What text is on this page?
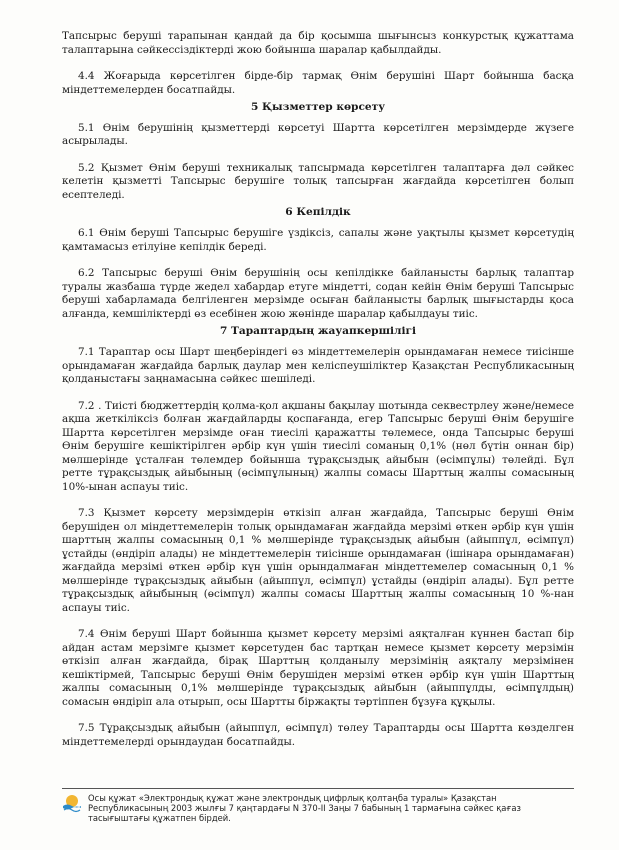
Тапсырыс беруші тарапынан қандай да бір қосымша шығынсыз конкурстық құжаттама талаптарына сәйкессіздіктерді жою бойынша шаралар қабылдайды.

4.4 Жоғарыда көрсетілген бірде-бір тармақ Өнім берушіні Шарт бойынша басқа міндеттемелерден босатпайды.

5 Қызметтер көрсету

5.1 Өнім берушінің қызметтерді көрсетуі Шартта көрсетілген мерзімдерде жүзеге асырылады.

5.2 Қызмет Өнім беруші техникалық тапсырмада көрсетілген талаптарға дәл сәйкес келетін қызметті Тапсырыс берушіге толық тапсырған жағдайда көрсетілген болып есептеледі.

6 Кепілдік

6.1 Өнім беруші Тапсырыс берушіге үздіксіз, сапалы және уақтылы қызмет көрсетудің қамтамасыз етілуіне кепілдік береді.

6.2 Тапсырыс беруші Өнім берушінің осы кепілдікке байланысты барлық талаптар туралы жазбаша түрде жедел хабардар етуге міндетті, содан кейін Өнім беруші Тапсырыс беруші хабарламада белгіленген мерзімде осыған байланысты барлық шығыстарды қоса алғанда, кемшіліктерді өз есебінен жою жөнінде шаралар қабылдауы тиіс.

7 Тараптардың жауапкершілігі

7.1 Тараптар осы Шарт шеңберіндегі өз міндеттемелерін орындамаған немесе тиісінше орындамаған жағдайда барлық даулар мен келіспеушіліктер Қазақстан Республикасының қолданыстағы заңнамасына сәйкес шешіледі.

7.2 . Тиісті бюджеттердің қолма-қол ақшаны бақылау шотында секвестрлеу және/немесе ақша жеткіліксіз болған жағдайларды қоспағанда, егер Тапсырыс беруші Өнім берушіге Шартта көрсетілген мерзімде оған тиесілі қаражатты төлемесе, онда Тапсырыс беруші Өнім берушіге кешіктірілген әрбір күн үшін тиесілі соманың 0,1% (нөл бүтін оннан бір) мөлшерінде ұсталған төлемдер бойынша тұрақсыздық айыбын (өсімпұлы) төлейді. Бұл ретте тұрақсыздық айыбының (өсімпұлының) жалпы сомасы Шарттың жалпы сомасының 10%-ынан аспауы тиіс.

7.3 Қызмет көрсету мерзімдерін өткізіп алған жағдайда, Тапсырыс беруші Өнім берушіден ол міндеттемелерін толық орындамаған жағдайда мерзімі өткен әрбір күн үшін шарттың жалпы сомасының 0,1 % мөлшерінде тұрақсыздық айыбын (айыппұл, өсімпұл) ұстайды (өндіріп алады) не міндеттемелерін тиісінше орындамаған (ішінара орындамаған) жағдайда мерзімі өткен әрбір күн үшін орындалмаған міндеттемелер сомасының 0,1 % мөлшерінде тұрақсыздық айыбын (айыппұл, өсімпұл) ұстайды (өндіріп алады). Бұл ретте тұрақсыздық айыбының (өсімпұл) жалпы сомасы Шарттың жалпы сомасының 10 %-нан аспауы тиіс.

7.4 Өнім беруші Шарт бойынша қызмет көрсету мерзімі аяқталған күннен бастап бір айдан астам мерзімге қызмет көрсетуден бас тартқан немесе қызмет көрсету мерзімін өткізіп алған жағдайда, бірақ Шарттың қолданылу мерзімінің аяқталу мерзімінен кешіктірмей, Тапсырыс беруші Өнім берушіден мерзімі өткен әрбір күн үшін Шарттың жалпы сомасының 0,1% мөлшерінде тұрақсыздық айыбын (айыппұлды, өсімпұлдың) сомасын өндіріп ала отырып, осы Шартты біржақты тәртіппен бұзуға құқылы.

7.5 Тұрақсыздық айыбын (айыппұл, өсімпұл) төлеу Тараптарды осы Шартта көзделген міндеттемелерді орындаудан босатпайды.

Осы құжат «Электрондық құжат және электрондық цифрлық қолтаңба туралы» Қазақстан Республикасының 2003 жылғы 7 қаңтардағы N 370-II Заңы 7 бабының 1 тармағына сәйкес қағаз тасығыштағы құжатпен бірдей.
